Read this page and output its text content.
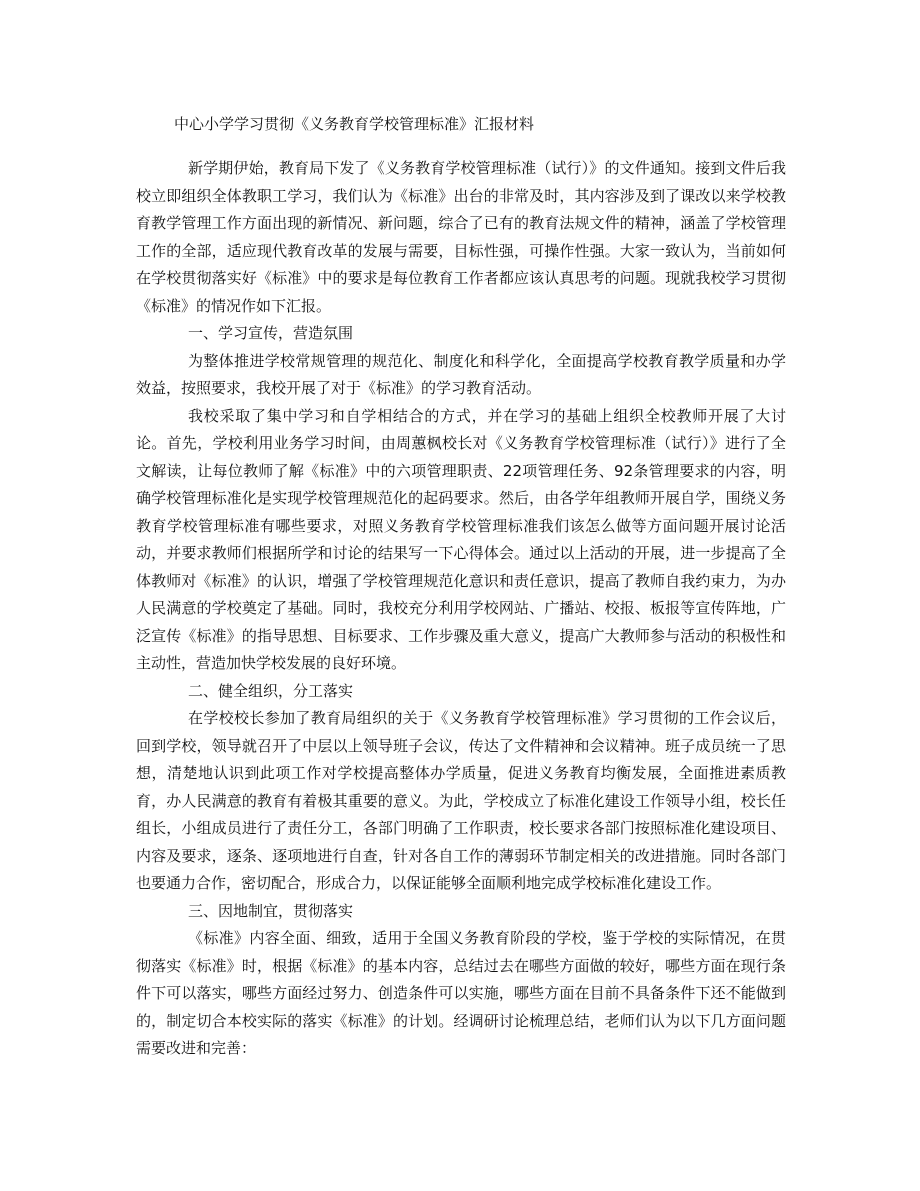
中心小学学习贯彻《义务教育学校管理标准》汇报材料

新学期伊始，教育局下发了《义务教育学校管理标准（试行）》的文件通知。接到文件后我校立即组织全体教职工学习，我们认为《标准》出台的非常及时，其内容涉及到了课改以来学校教育教学管理工作方面出现的新情况、新问题，综合了已有的教育法规文件的精神，涵盖了学校管理工作的全部，适应现代教育改革的发展与需要，目标性强，可操作性强。大家一致认为，当前如何在学校贯彻落实好《标准》中的要求是每位教育工作者都应该认真思考的问题。现就我校学习贯彻《标准》的情况作如下汇报。

一、学习宣传，营造氛围

为整体推进学校常规管理的规范化、制度化和科学化，全面提高学校教育教学质量和办学效益，按照要求，我校开展了对于《标准》的学习教育活动。

我校采取了集中学习和自学相结合的方式，并在学习的基础上组织全校教师开展了大讨论。首先，学校利用业务学习时间，由周蕙枫校长对《义务教育学校管理标准（试行）》进行了全文解读，让每位教师了解《标准》中的六项管理职责、22项管理任务、92条管理要求的内容，明确学校管理标准化是实现学校管理规范化的起码要求。然后，由各学年组教师开展自学，围绕义务教育学校管理标准有哪些要求，对照义务教育学校管理标准我们该怎么做等方面问题开展讨论活动，并要求教师们根据所学和讨论的结果写一下心得体会。通过以上活动的开展，进一步提高了全体教师对《标准》的认识，增强了学校管理规范化意识和责任意识，提高了教师自我约束力，为办人民满意的学校奠定了基础。同时，我校充分利用学校网站、广播站、校报、板报等宣传阵地，广泛宣传《标准》的指导思想、目标要求、工作步骤及重大意义，提高广大教师参与活动的积极性和主动性，营造加快学校发展的良好环境。

二、健全组织，分工落实

在学校校长参加了教育局组织的关于《义务教育学校管理标准》学习贯彻的工作会议后，回到学校，领导就召开了中层以上领导班子会议，传达了文件精神和会议精神。班子成员统一了思想，清楚地认识到此项工作对学校提高整体办学质量，促进义务教育均衡发展，全面推进素质教育，办人民满意的教育有着极其重要的意义。为此，学校成立了标准化建设工作领导小组，校长任组长，小组成员进行了责任分工，各部门明确了工作职责，校长要求各部门按照标准化建设项目、内容及要求，逐条、逐项地进行自查，针对各自工作的薄弱环节制定相关的改进措施。同时各部门也要通力合作，密切配合，形成合力，以保证能够全面顺利地完成学校标准化建设工作。

三、因地制宜，贯彻落实

《标准》内容全面、细致，适用于全国义务教育阶段的学校，鉴于学校的实际情况，在贯彻落实《标准》时，根据《标准》的基本内容，总结过去在哪些方面做的较好，哪些方面在现行条件下可以落实，哪些方面经过努力、创造条件可以实施，哪些方面在目前不具备条件下还不能做到的，制定切合本校实际的落实《标准》的计划。经调研讨论梳理总结，老师们认为以下几方面问题需要改进和完善：
